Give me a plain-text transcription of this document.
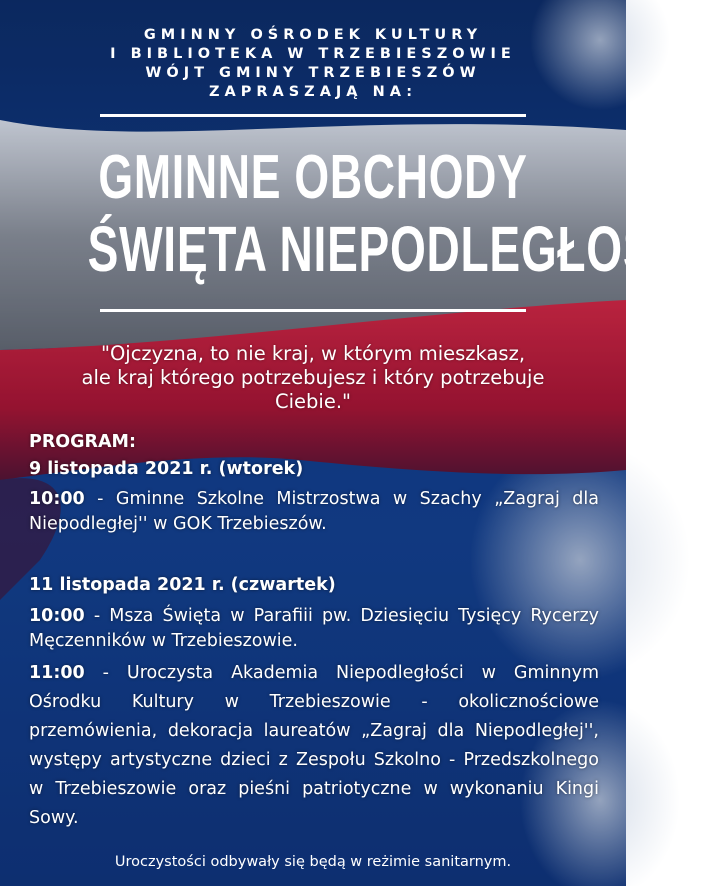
GMINNY OŚRODEK KULTURY
I BIBLIOTEKA W TRZEBIESZOWIE
WÓJT GMINY TRZEBIESZÓW
ZAPRASZAJĄ NA:
GMINNE OBCHODY
ŚWIĘTA NIEPODLEGŁOŚCI
"Ojczyzna, to nie kraj, w którym mieszkasz,
ale kraj którego potrzebujesz i który potrzebuje
Ciebie."
PROGRAM:
9 listopada 2021 r. (wtorek)
10:00 - Gminne Szkolne Mistrzostwa w Szachy „Zagraj dla Niepodległej'' w GOK Trzebieszów.
11 listopada 2021 r. (czwartek)
10:00 - Msza Święta w Parafiii pw. Dziesięciu Tysięcy Rycerzy Męczenników w Trzebieszowie.
11:00 - Uroczysta Akademia Niepodległości w Gminnym Ośrodku Kultury w Trzebieszowie - okolicznościowe przemówienia, dekoracja laureatów „Zagraj dla Niepodległej'', występy artystyczne dzieci z Zespołu Szkolno - Przedszkolnego w Trzebieszowie oraz pieśni patriotyczne w wykonaniu Kingi Sowy.
Uroczystości odbywały się będą w reżimie sanitarnym.
